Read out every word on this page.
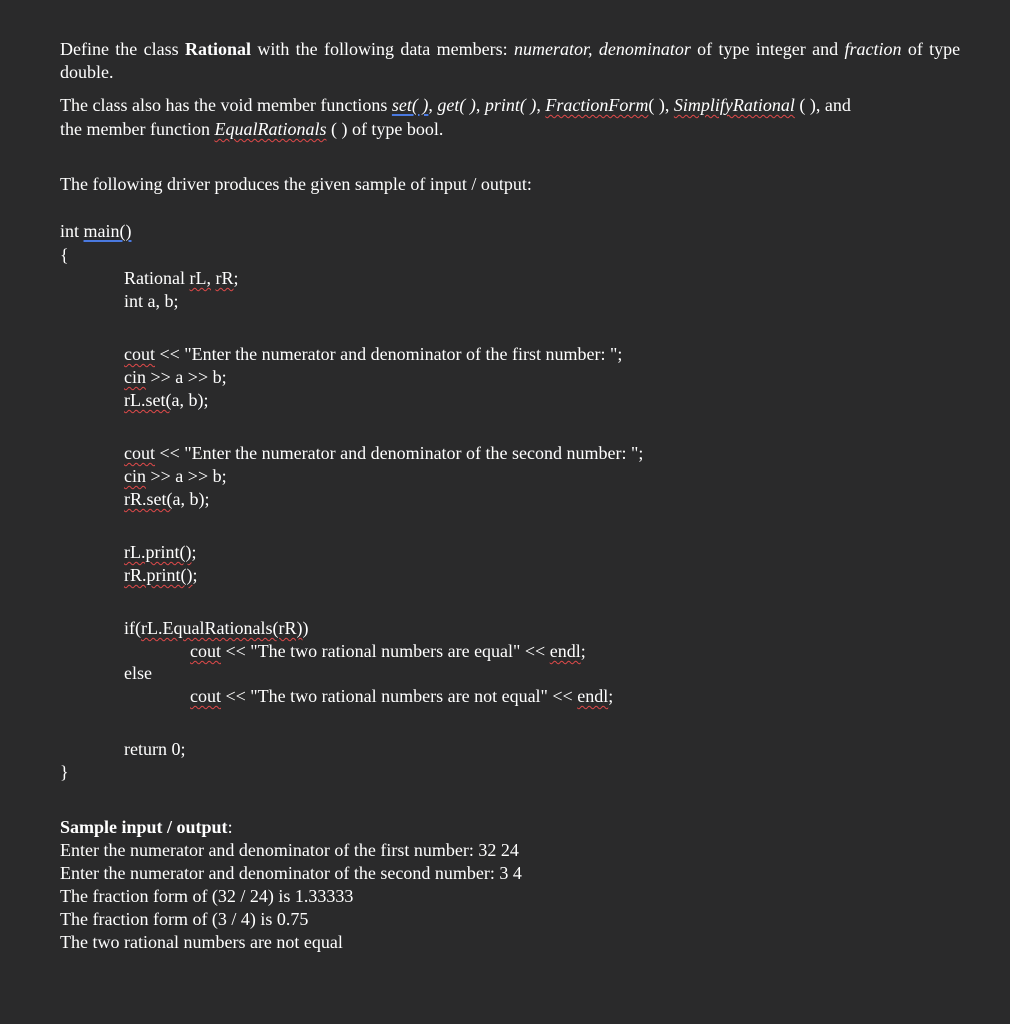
Define the class Rational with the following data members: numerator, denominator of type integer and fraction of type double.
The class also has the void member functions set( ), get( ), print( ), FractionForm( ), SimplifyRational ( ), and
the member function EqualRationals ( ) of type bool.
The following driver produces the given sample of input / output:
int main()
{
Rational rL, rR;
int a, b;
cout << "Enter the numerator and denominator of the first number: ";
cin >> a >> b;
rL.set(a, b);
cout << "Enter the numerator and denominator of the second number: ";
cin >> a >> b;
rR.set(a, b);
rL.print();
rR.print();
if(rL.EqualRationals(rR))
cout << "The two rational numbers are equal" << endl;
else
cout << "The two rational numbers are not equal" << endl;
return 0;
}
Sample input / output:
Enter the numerator and denominator of the first number: 32 24
Enter the numerator and denominator of the second number: 3 4
The fraction form of (32 / 24) is 1.33333
The fraction form of (3 / 4) is 0.75
The two rational numbers are not equal
